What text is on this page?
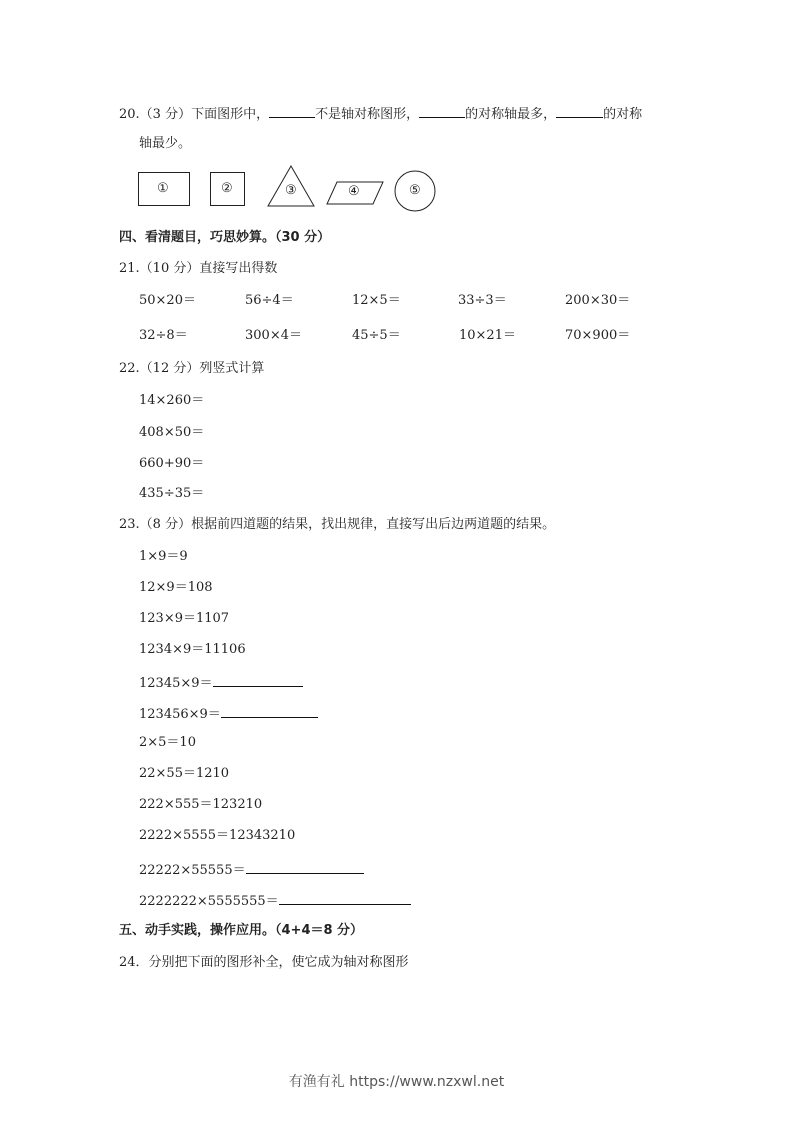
20.（3 分）下面图形中，	不是轴对称图形，	的对称轴最多，	的对称
轴最少。
①	②	③	④	⑤
四、看清题目，巧思妙算。（30 分）
21.（10 分）直接写出得数
50×20＝	56÷4＝	12×5＝	33÷3＝	200×30＝
32÷8＝	300×4＝	45÷5＝	10×21＝	70×900＝
22.（12 分）列竖式计算
14×260＝
408×50＝
660+90＝
435÷35＝
23.（8 分）根据前四道题的结果，找出规律，直接写出后边两道题的结果。
1×9＝9
12×9＝108
123×9＝1107
1234×9＝11106
12345×9＝
123456×9＝
2×5＝10
22×55＝1210
222×555＝123210
2222×5555＝12343210
22222×55555＝
2222222×5555555＝
五、动手实践，操作应用。（4+4＝8 分）
24．分别把下面的图形补全，使它成为轴对称图形
有渔有礼 https://www.nzxwl.net
